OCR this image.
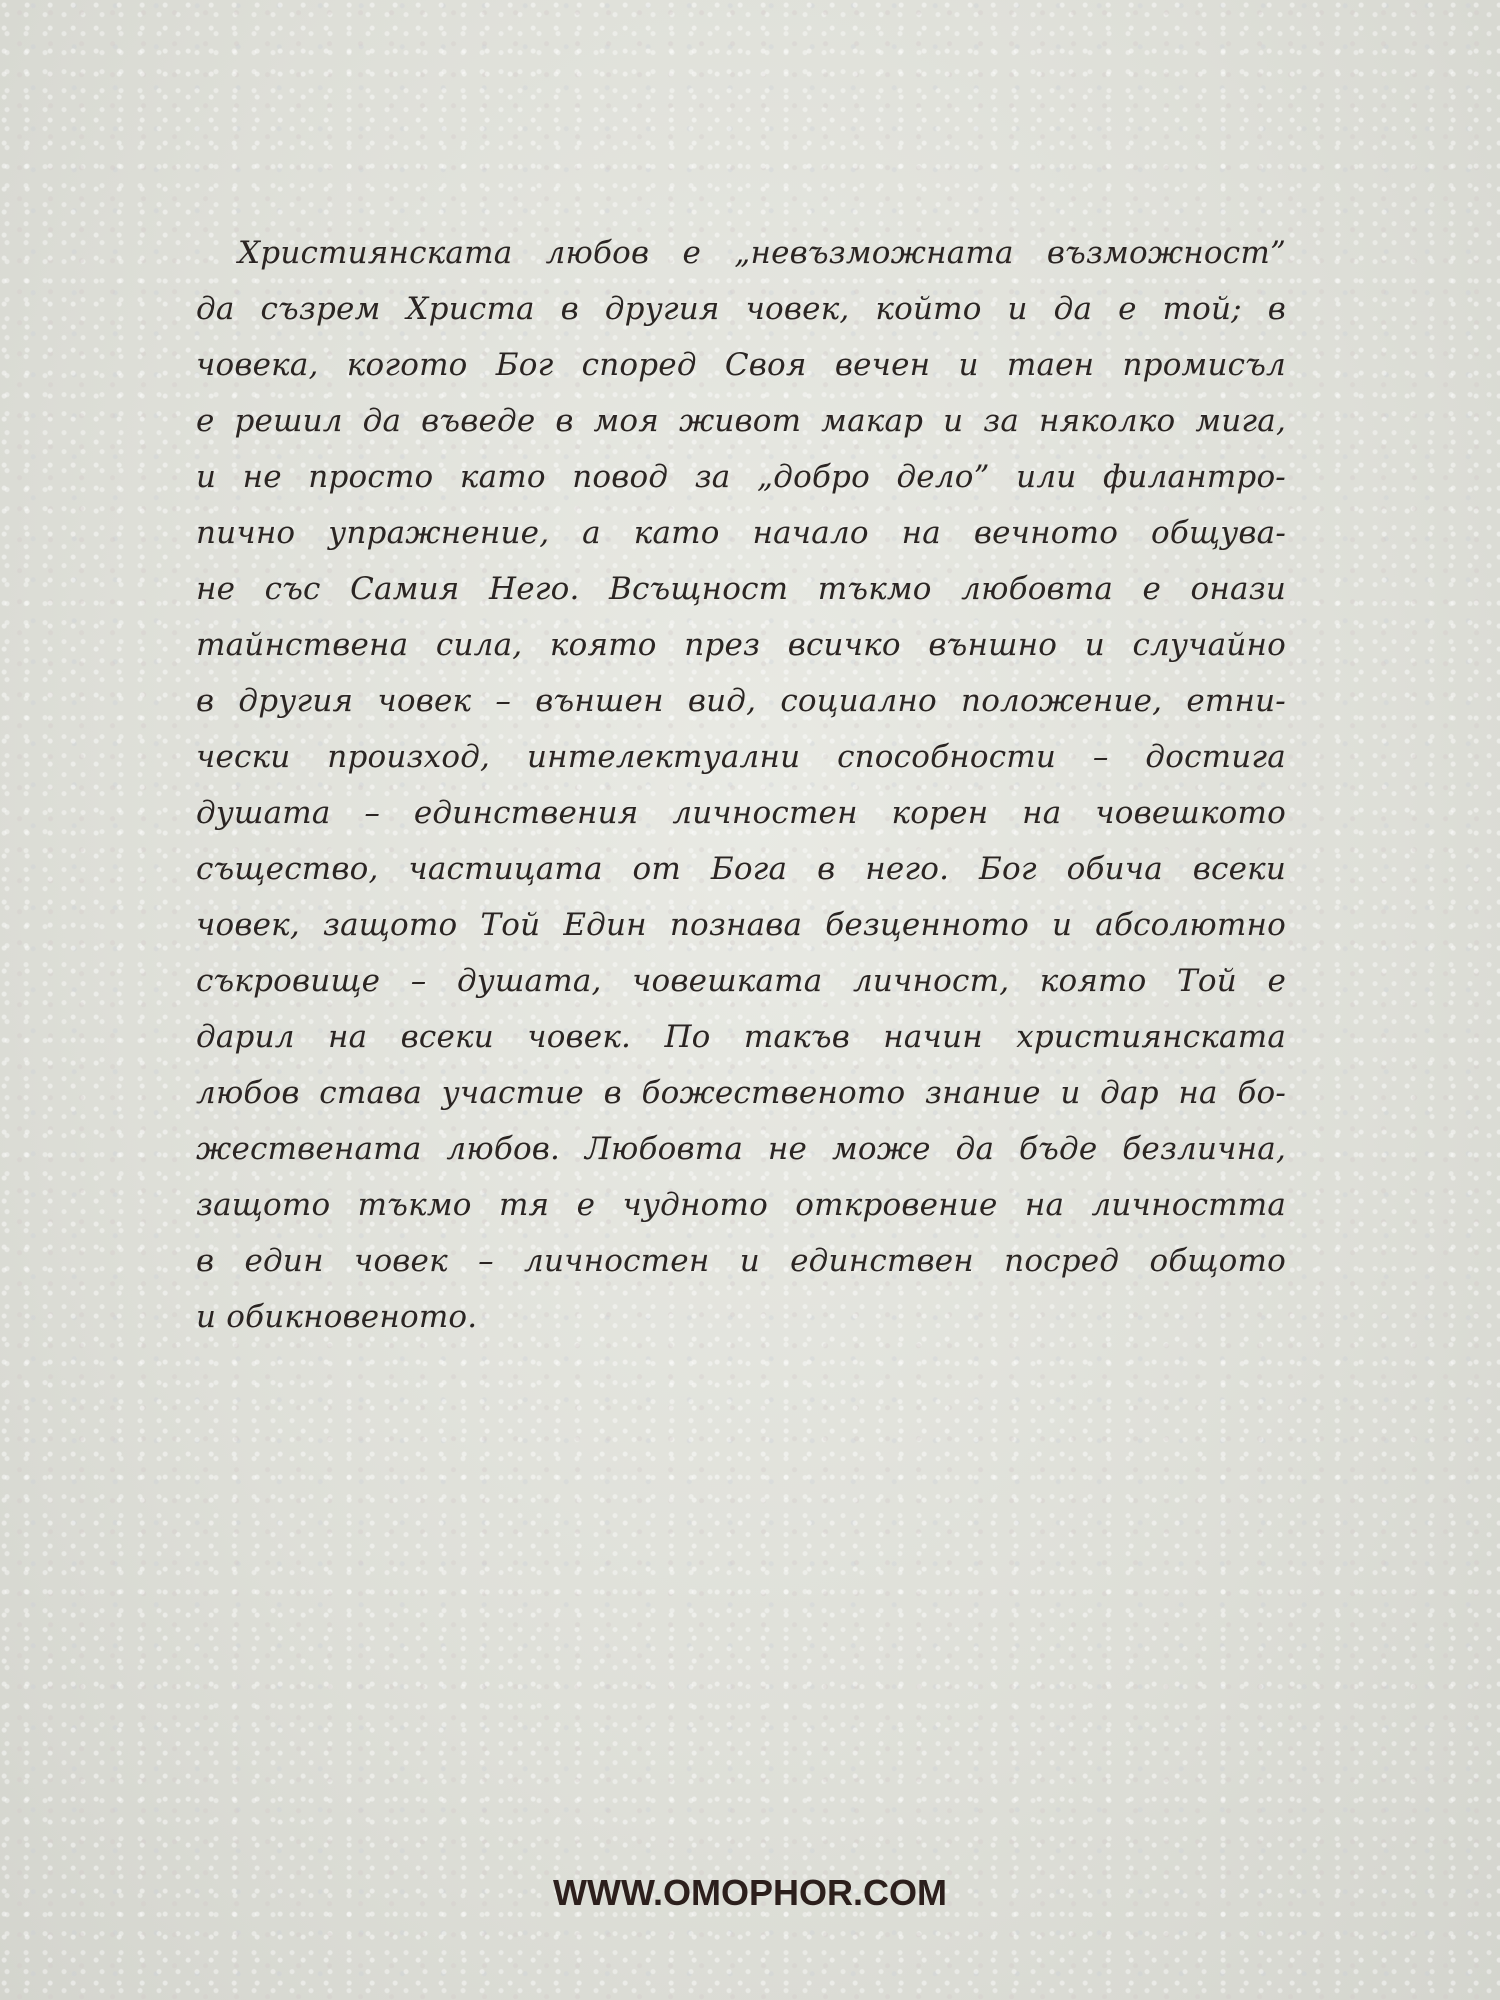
Християнската любов е „невъзможната възможност”
да съзрем Христа в другия човек, който и да е той; в
човека, когото Бог според Своя вечен и таен промисъл
е решил да въведе в моя живот макар и за няколко мига,
и не просто като повод за „добро дело” или филантро-
пично упражнение, а като начало на вечното общува-
не със Самия Него. Всъщност тъкмо любовта е онази
тайнствена сила, която през всичко външно и случайно
в другия човек – външен вид, социално положение, етни-
чески произход, интелектуални способности – достига
душата – единствения личностен корен на човешкото
същество, частицата от Бога в него. Бог обича всеки
човек, защото Той Един познава безценното и абсолютно
съкровище – душата, човешката личност, която Той е
дарил на всеки човек. По такъв начин християнската
любов става участие в божественото знание и дар на бо-
жествената любов. Любовта не може да бъде безлична,
защото тъкмо тя е чудното откровение на личността
в един човек – личностен и единствен посред общото
и обикновеното.
WWW.OMOPHOR.COM
